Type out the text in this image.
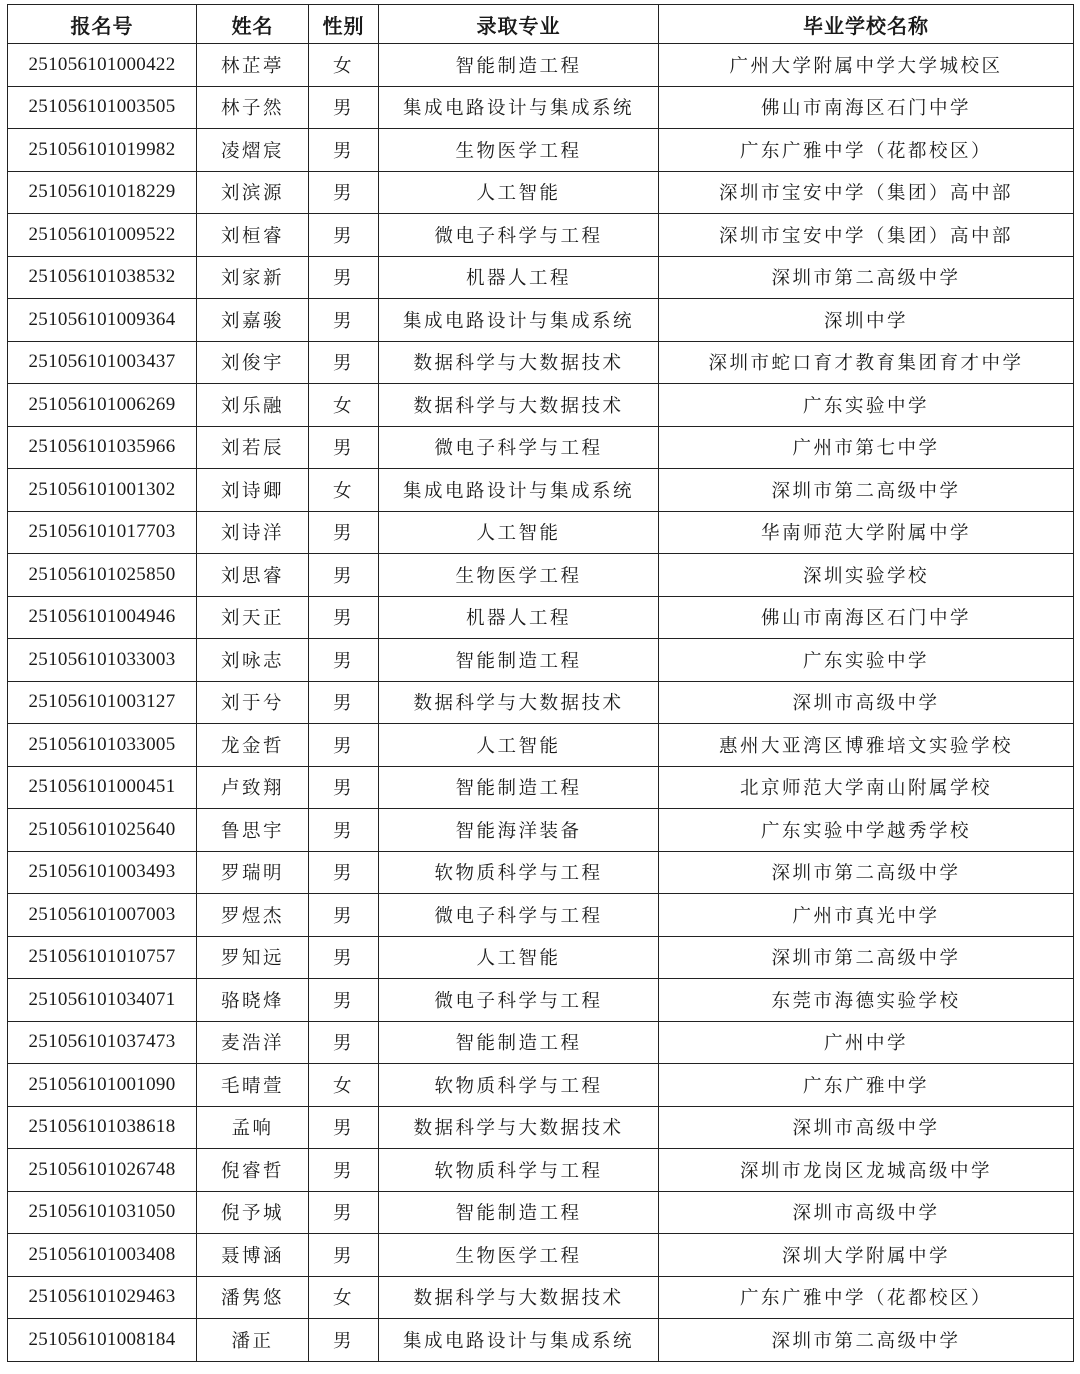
报名号	姓名	性别	录取专业	毕业学校名称
251056101000422	林芷葶	女	智能制造工程	广州大学附属中学大学城校区
251056101003505	林子然	男	集成电路设计与集成系统	佛山市南海区石门中学
251056101019982	凌熠宸	男	生物医学工程	广东广雅中学（花都校区）
251056101018229	刘滨源	男	人工智能	深圳市宝安中学（集团）高中部
251056101009522	刘桓睿	男	微电子科学与工程	深圳市宝安中学（集团）高中部
251056101038532	刘家新	男	机器人工程	深圳市第二高级中学
251056101009364	刘嘉骏	男	集成电路设计与集成系统	深圳中学
251056101003437	刘俊宇	男	数据科学与大数据技术	深圳市蛇口育才教育集团育才中学
251056101006269	刘乐融	女	数据科学与大数据技术	广东实验中学
251056101035966	刘若辰	男	微电子科学与工程	广州市第七中学
251056101001302	刘诗卿	女	集成电路设计与集成系统	深圳市第二高级中学
251056101017703	刘诗洋	男	人工智能	华南师范大学附属中学
251056101025850	刘思睿	男	生物医学工程	深圳实验学校
251056101004946	刘天正	男	机器人工程	佛山市南海区石门中学
251056101033003	刘咏志	男	智能制造工程	广东实验中学
251056101003127	刘于兮	男	数据科学与大数据技术	深圳市高级中学
251056101033005	龙金哲	男	人工智能	惠州大亚湾区博雅培文实验学校
251056101000451	卢致翔	男	智能制造工程	北京师范大学南山附属学校
251056101025640	鲁思宇	男	智能海洋装备	广东实验中学越秀学校
251056101003493	罗瑞明	男	软物质科学与工程	深圳市第二高级中学
251056101007003	罗煜杰	男	微电子科学与工程	广州市真光中学
251056101010757	罗知远	男	人工智能	深圳市第二高级中学
251056101034071	骆晓烽	男	微电子科学与工程	东莞市海德实验学校
251056101037473	麦浩洋	男	智能制造工程	广州中学
251056101001090	毛晴萱	女	软物质科学与工程	广东广雅中学
251056101038618	孟响	男	数据科学与大数据技术	深圳市高级中学
251056101026748	倪睿哲	男	软物质科学与工程	深圳市龙岗区龙城高级中学
251056101031050	倪予城	男	智能制造工程	深圳市高级中学
251056101003408	聂博涵	男	生物医学工程	深圳大学附属中学
251056101029463	潘隽悠	女	数据科学与大数据技术	广东广雅中学（花都校区）
251056101008184	潘正	男	集成电路设计与集成系统	深圳市第二高级中学
